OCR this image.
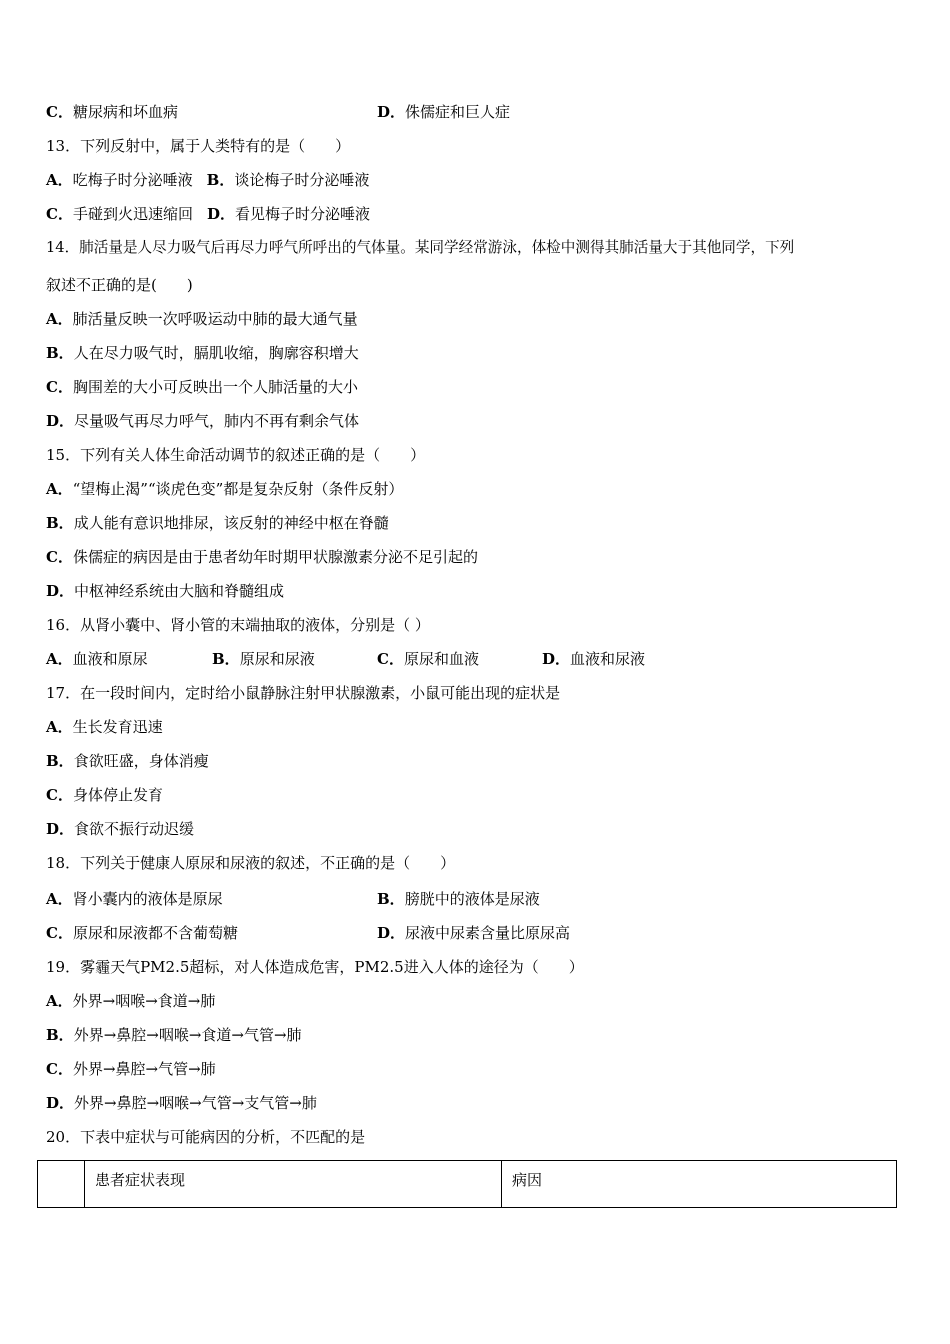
C．糖尿病和坏血病	D．侏儒症和巨人症
13．下列反射中，属于人类特有的是（　　）
A．吃梅子时分泌唾液 B．谈论梅子时分泌唾液
C．手碰到火迅速缩回 D．看见梅子时分泌唾液
14．肺活量是人尽力吸气后再尽力呼气所呼出的气体量。某同学经常游泳，体检中测得其肺活量大于其他同学，下列
叙述不正确的是(　　)
A．肺活量反映一次呼吸运动中肺的最大通气量
B．人在尽力吸气时，膈肌收缩，胸廓容积增大
C．胸围差的大小可反映出一个人肺活量的大小
D．尽量吸气再尽力呼气，肺内不再有剩余气体
15．下列有关人体生命活动调节的叙述正确的是（　　）
A．“望梅止渴”“谈虎色变”都是复杂反射（条件反射）
B．成人能有意识地排尿，该反射的神经中枢在脊髓
C．侏儒症的病因是由于患者幼年时期甲状腺激素分泌不足引起的
D．中枢神经系统由大脑和脊髓组成
16．从肾小囊中、肾小管的末端抽取的液体，分别是（ ）
A．血液和原尿	B．原尿和尿液	C．原尿和血液	D．血液和尿液
17．在一段时间内，定时给小鼠静脉注射甲状腺激素，小鼠可能出现的症状是
A．生长发育迅速
B．食欲旺盛，身体消瘦
C．身体停止发育
D．食欲不振行动迟缓
18．下列关于健康人原尿和尿液的叙述，不正确的是（　　）
A．肾小囊内的液体是原尿	B．膀胱中的液体是尿液
C．原尿和尿液都不含葡萄糖	D．尿液中尿素含量比原尿高
19．雾霾天气PM2.5超标，对人体造成危害，PM2.5进入人体的途径为（　　）
A．外界→咽喉→食道→肺
B．外界→鼻腔→咽喉→食道→气管→肺
C．外界→鼻腔→气管→肺
D．外界→鼻腔→咽喉→气管→支气管→肺
20．下表中症状与可能病因的分析，不匹配的是
	患者症状表现	病因
